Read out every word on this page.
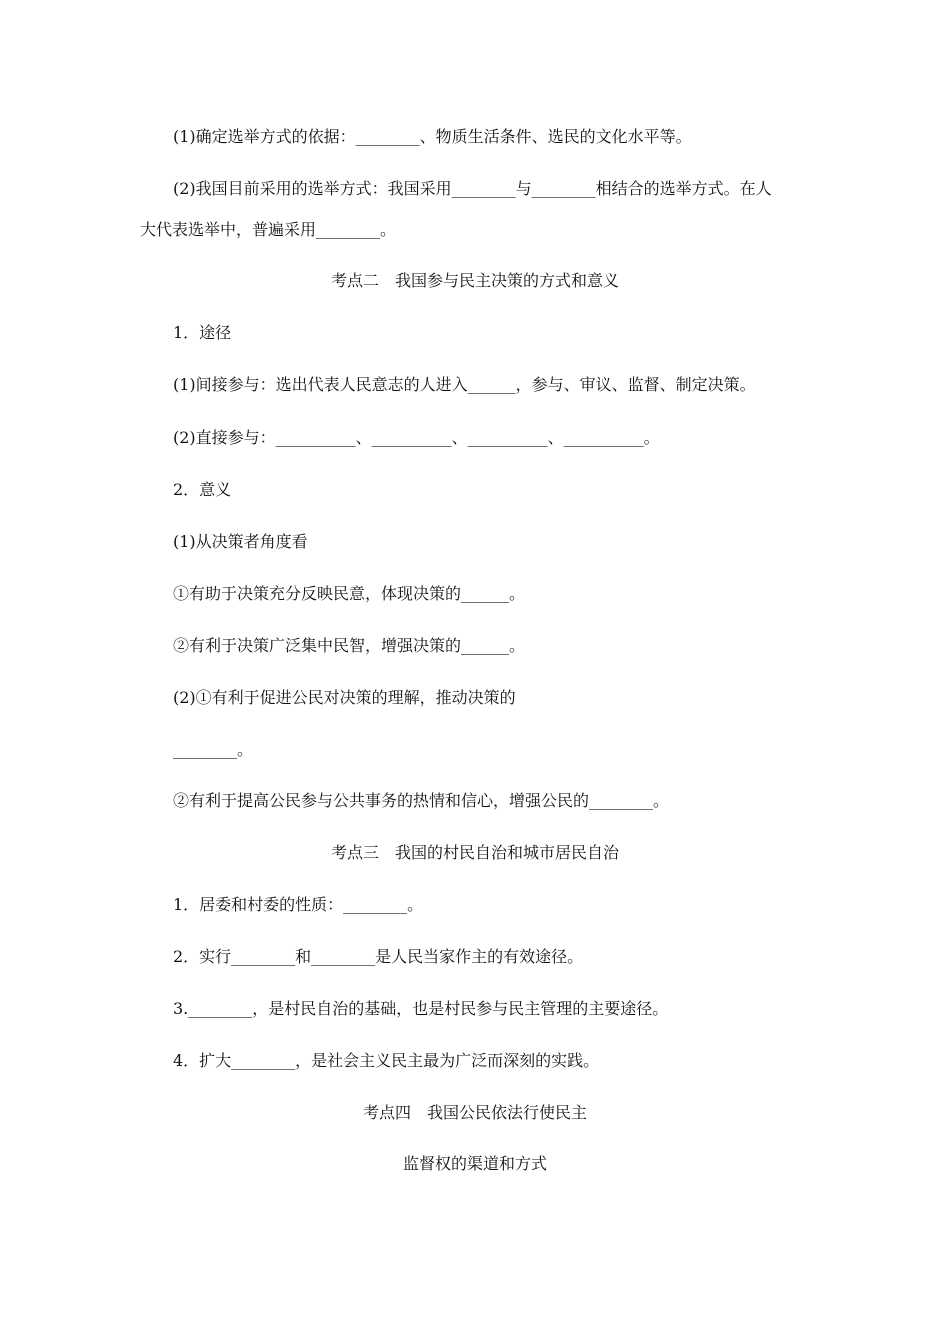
(1)确定选举方式的依据：________、物质生活条件、选民的文化水平等。
(2)我国目前采用的选举方式：我国采用________与________相结合的选举方式。在人
大代表选举中，普遍采用________。
考点二　我国参与民主决策的方式和意义
1．途径
(1)间接参与：选出代表人民意志的人进入______，参与、审议、监督、制定决策。
(2)直接参与：__________、__________、__________、__________。
2．意义
(1)从决策者角度看
①有助于决策充分反映民意，体现决策的______。
②有利于决策广泛集中民智，增强决策的______。
(2)①有利于促进公民对决策的理解，推动决策的
________。
②有利于提高公民参与公共事务的热情和信心，增强公民的________。
考点三　我国的村民自治和城市居民自治
1．居委和村委的性质：________。
2．实行________和________是人民当家作主的有效途径。
3.________，是村民自治的基础，也是村民参与民主管理的主要途径。
4．扩大________，是社会主义民主最为广泛而深刻的实践。
考点四　我国公民依法行使民主
监督权的渠道和方式
